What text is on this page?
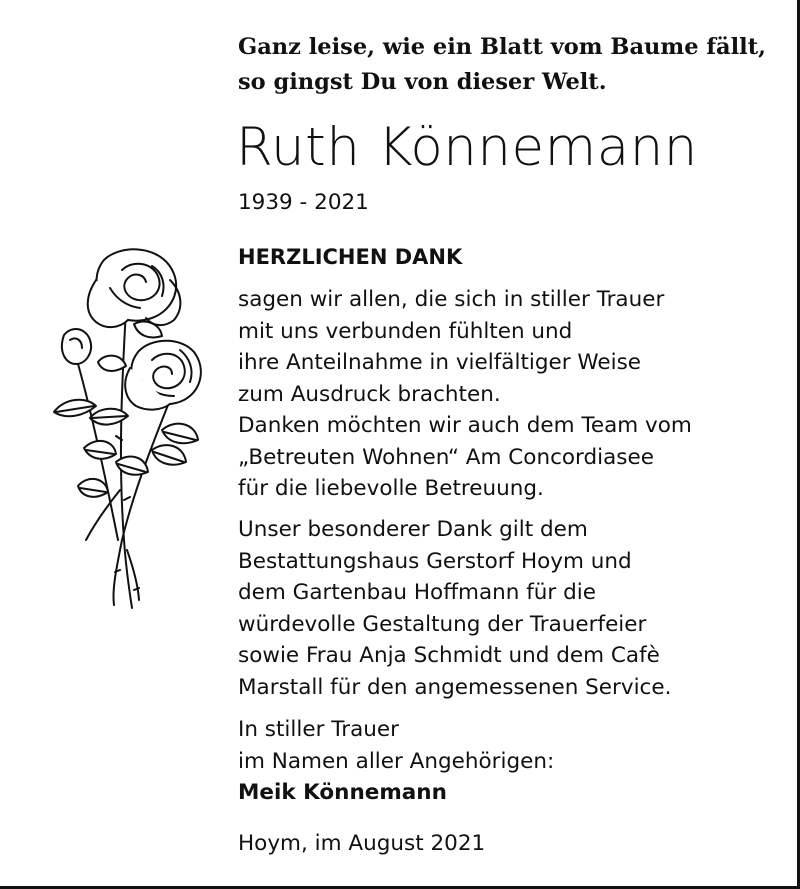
Ganz leise, wie ein Blatt vom Baume fällt,
so gingst Du von dieser Welt.

Ruth Könnemann
1939 - 2021
HERZLICHEN DANK
sagen wir allen, die sich in stiller Trauer
mit uns verbunden fühlten und
ihre Anteilnahme in vielfältiger Weise
zum Ausdruck brachten.
Danken möchten wir auch dem Team vom
„Betreuten Wohnen“ Am Concordiasee
für die liebevolle Betreuung.
Unser besonderer Dank gilt dem
Bestattungshaus Gerstorf Hoym und
dem Gartenbau Hoffmann für die
würdevolle Gestaltung der Trauerfeier
sowie Frau Anja Schmidt und dem Cafè
Marstall für den angemessenen Service.
In stiller Trauer
im Namen aller Angehörigen:
Meik Könnemann
Hoym, im August 2021
